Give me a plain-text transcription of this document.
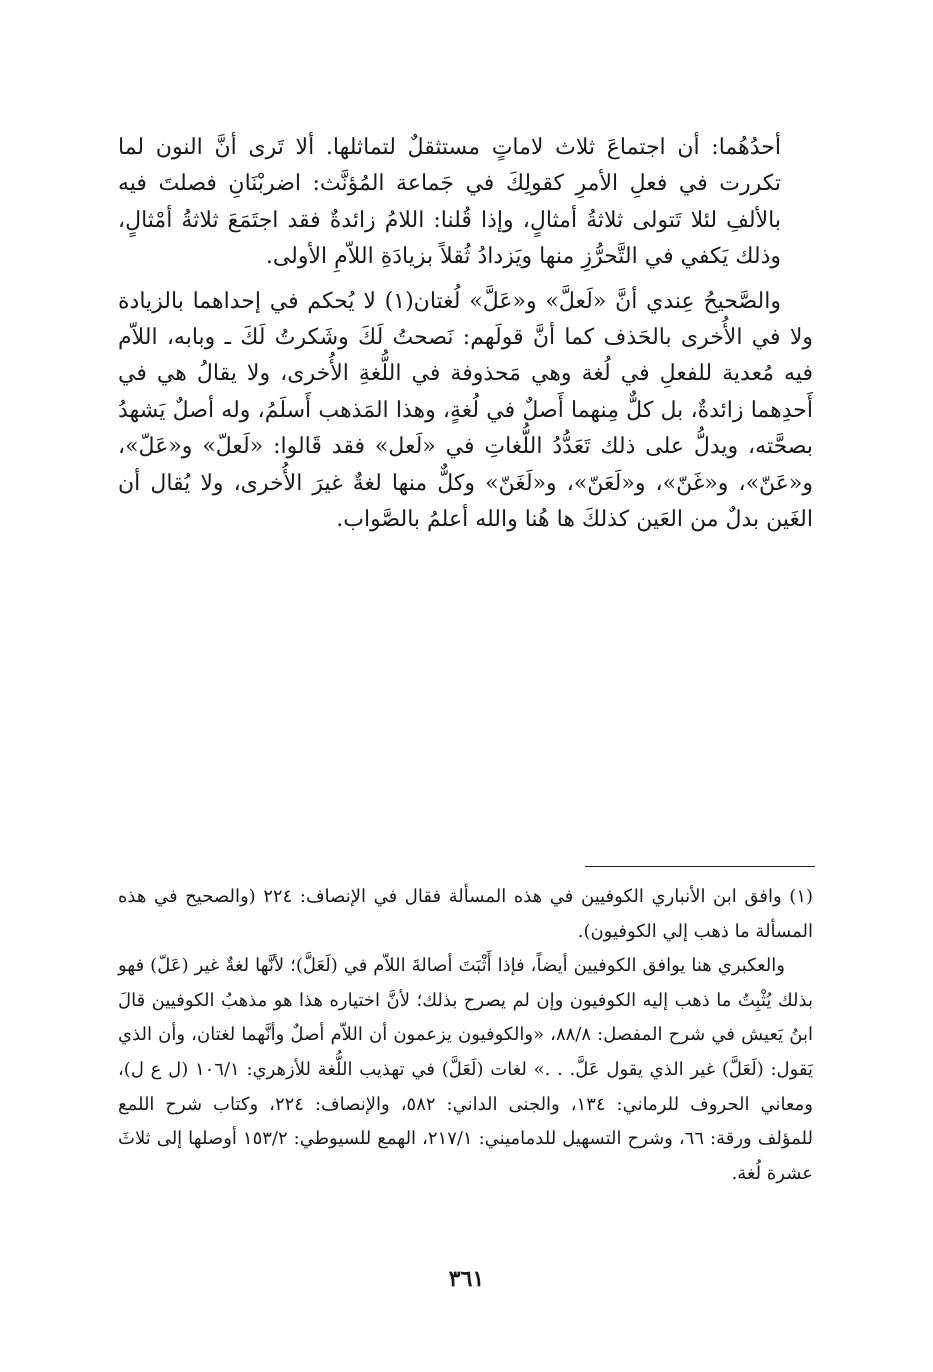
أحدُهُما: أن اجتماعَ ثلاث لاماتٍ مستثقلٌ لتماثلها. ألا تَرى أنَّ النون لما تكررت في فعلِ الأمرِ كقولِكَ في جَماعة المُؤنَّث: اضربْنَانِ فصلتَ فيه بالألفِ لئلا تَتولى ثلاثةُ أمثالٍ، وإذا قُلنا: اللامُ زائدةٌ فقد اجتَمَعَ ثلاثةُ أمْثالٍ، وذلك يَكفي في التَّحرُّزِ منها ويَزدادُ ثُقلاً بزيادَةِ اللاّمِ الأولى.

والصَّحيحُ عِندي أنَّ «لَعلَّ» و«عَلَّ» لُغتان(١) لا يُحكم في إحداهما بالزيادة ولا في الأُخرى بالحَذف كما أنَّ قولَهم: نَصحتُ لَكَ وشَكرتُ لَكَ ـ وبابه، اللاّم فيه مُعدية للفعلِ في لُغة وهي مَحذوفة في اللُّغةِ الأُخرى، ولا يقالُ هي في أَحدِهما زائدةٌ، بل كلٌّ مِنهما أَصلٌ في لُغةٍ، وهذا المَذهب أَسلَمُ، وله أصلٌ يَشهدُ بصحَّته، ويدلُّ على ذلك تَعَدُّدُ اللُّغاتِ في «لَعل» فقد قَالوا: «لَعلّ» و«عَلّ»، و«عَنّ»، و«غَنّ»، و«لَعَنّ»، و«لَغَنّ» وكلٌّ منها لغةٌ غيرَ الأُخرى، ولا يُقال أن الغَين بدلٌ من العَين كذلكَ ها هُنا والله أعلمُ بالصَّواب.

(١) وافق ابن الأنباري الكوفيين في هذه المسألة فقال في الإنصاف: ٢٢٤ (والصحيح في هذه المسألة ما ذهب إلي الكوفيون).

والعكبري هنا يوافق الكوفيين أيضاً، فإذا أَثْبَتَ أصالةَ اللاّم في (لَعَلَّ)؛ لأنَّها لغةٌ غير (عَلّ) فهو بذلك يُثْبِتُ ما ذهب إليه الكوفيون وإن لم يصرح بذلك؛ لأنَّ اختياره هذا هو مذهبُ الكوفيين قالَ ابنُ يَعيش في شرح المفصل: ٨٨/٨، «والكوفيون يزعمون أن اللاّم أصلٌ وأنَّهما لغتان، وأن الذي يَقول: (لَعَلَّ) غير الذي يقول عَلَّ. . .» لغات (لَعَلَّ) في تهذيب اللُّغة للأزهري: ١٠٦/١ (ل ع ل)، ومعاني الحروف للرماني: ١٣٤، والجنى الداني: ٥٨٢، والإنصاف: ٢٢٤، وكتاب شرح اللمع للمؤلف ورقة: ٦٦، وشرح التسهيل للدماميني: ٢١٧/١، الهمع للسيوطي: ١٥٣/٢ أوصلها إلى ثلاثَ عشرة لُغة.

٣٦١
